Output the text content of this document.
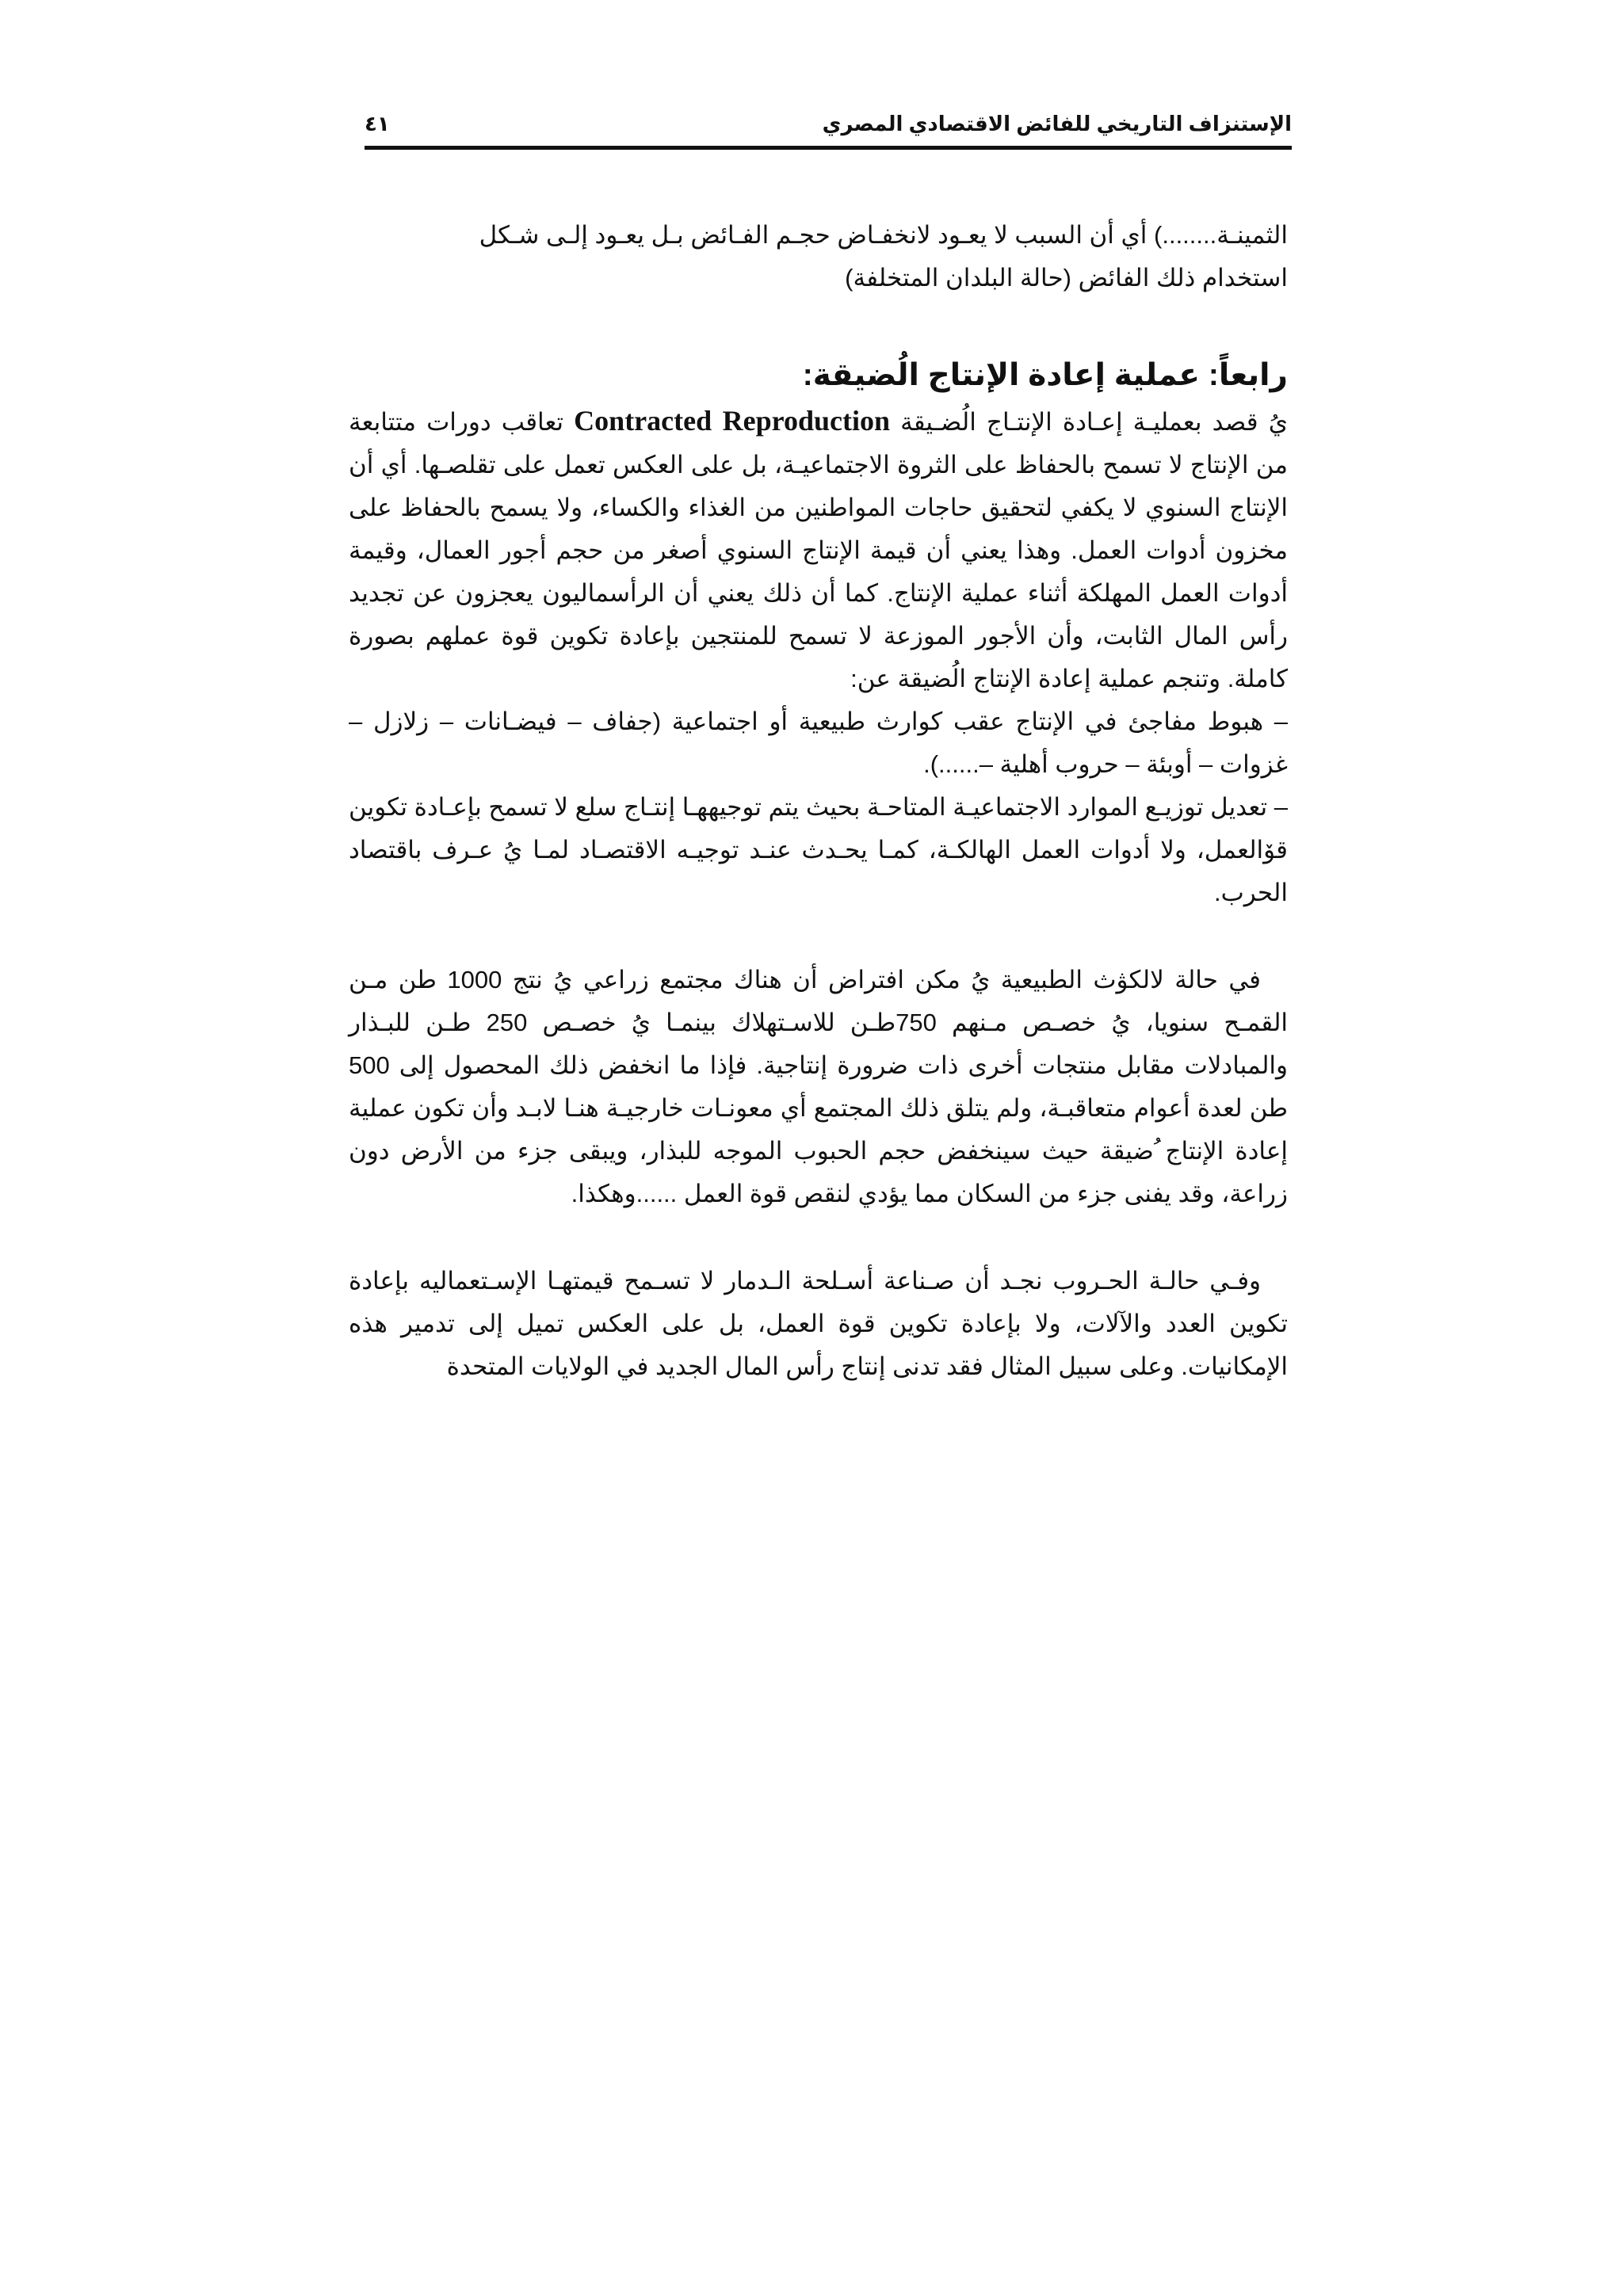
الإستنزاف التاريخي للفائض الاقتصادي المصري
٤١

الثمينـة........) أي أن السبب لا يعـود لانخفـاض حجـم الفـائض بـل يعـود إلـى شـكل
استخدام ذلك الفائض (حالة البلدان المتخلفة)

رابعاً: عملية إعادة الإنتاج الُضيقة:

يُ قصد بعمليـة إعـادة الإنتـاج الُضـيقة Contracted Reproduction تعاقب دورات متتابعة من الإنتاج لا تسمح بالحفاظ على الثروة الاجتماعيـة، بل على العكس تعمل على تقلصـها. أي أن الإنتاج السنوي لا يكفي لتحقيق حاجات المواطنين من الغذاء والكساء، ولا يسمح بالحفاظ على مخزون أدوات العمل. وهذا يعني أن قيمة الإنتاج السنوي أصغر من حجم أجور العمال، وقيمة أدوات العمل المهلكة أثناء عملية الإنتاج. كما أن ذلك يعني أن الرأسماليون يعجزون عن تجديد رأس المال الثابت، وأن الأجور الموزعة لا تسمح للمنتجين بإعادة تكوين قوة عملهم بصورة كاملة. وتنجم عملية إعادة الإنتاج الُضيقة عن:

– هبوط مفاجئ في الإنتاج عقب كوارث طبيعية أو اجتماعية (جفاف – فيضـانات – زلازل – غزوات – أوبئة – حروب أهلية –......).

– تعديل توزيـع الموارد الاجتماعيـة المتاحـة بحيث يتم توجيههـا إنتـاج سلع لا تسمح بإعـادة تكوين قۆالعمل، ولا أدوات العمل الهالكـة، كمـا يحـدث عنـد توجيـه الاقتصـاد لمـا يُ عـرف باقتصاد الحرب.

في حالة لالكۋث الطبيعية يُ مكن افتراض أن هناك مجتمع زراعي يُ نتج 1000 طن مـن القمـح سنويا، يُ خصـص مـنهم 750طـن للاسـتهلاك بينمـا يُ خصـص 250 طـن للبـذار والمبادلات مقابل منتجات أخرى ذات ضرورة إنتاجية. فإذا ما انخفض ذلك المحصول إلى 500 طن لعدة أعوام متعاقبـة، ولم يتلق ذلك المجتمع أي معونـات خارجيـة هنـا لابـد وأن تكون عملية إعادة الإنتاج ُضيقة حيث سينخفض حجم الحبوب الموجه للبذار، ويبقى جزء من الأرض دون زراعة، وقد يفنى جزء من السكان مما يؤدي لنقص قوة العمل ......وهكذا.

وفـي حالـة الحـروب نجـد أن صـناعة أسـلحة الـدمار لا تسـمح قيمتهـا الإسـتعماليه بإعادة تكوين العدد والآلات، ولا بإعادة تكوين قوة العمل، بل على العكس تميل إلى تدمير هذه الإمكانيات. وعلى سبيل المثال فقد تدنى إنتاج رأس المال الجديد في الولايات المتحدة
